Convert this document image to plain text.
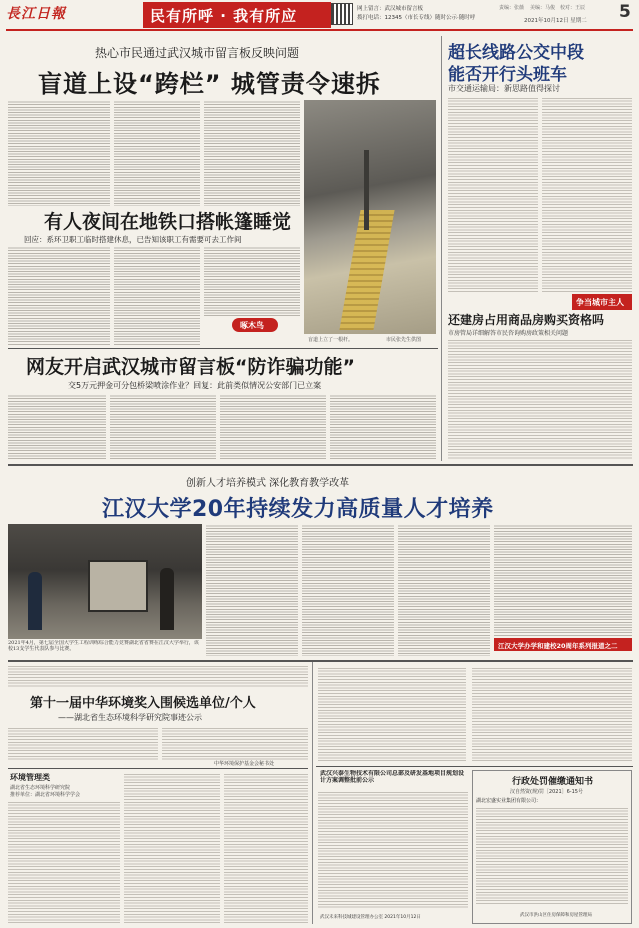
長江日報	民有所呼 · 我有所应	网上留言：武汉城市留言板
拨打电话：12345（市长专线）随时公示·随时呼
责编：张薇 美编：马俊 校对：王辰
2021年10月12日 星期二 5
热心市民通过武汉城市留言板反映问题
盲道上设“跨栏” 城管责令速拆
盲道上立了一根杆。	市民张先生供图
有人夜间在地铁口搭帐篷睡觉
回应：系环卫职工临时搭建休息，已告知该职工有需要可去工作间
啄木鸟
网友开启武汉城市留言板“防诈骗功能”
交5万元押金可分包桥梁喷涂作业？回复：此前类似情况公安部门已立案
超长线路公交中段
能否开行头班车
市交通运输局：新思路值得探讨
争当城市主人
还建房占用商品房购买资格吗
市房管局详细解答市民咨询购房政策相关问题
创新人才培养模式 深化教育教学改革
江汉大学20年持续发力高质量人才培养
2021年4月，第七届全国大学生工程训练综合能力竞赛湖北省省赛在江汉大学举行，该校13支学生代表队参与比赛。	江汉大学办学和建校20周年系列报道之二
第十一届中华环境奖入围候选单位/个人
——湖北省生态环境科学研究院事迹公示
中华环境保护基金会秘书处
环境管理类
湖北省生态环境科学研究院
推荐单位：湖北省环境科学学会
武汉兴泰生物技术有限公司总部及研发基地项目规划设计方案调整批前公示
武汉未来科技城建设管理办公室 2021年10月12日
行政处罚催缴通知书
汉自然资(规)罚［2021］6-15号
湖北宏盛实业集团有限公司：
武汉市洪山区住房保障和房屋管理局
